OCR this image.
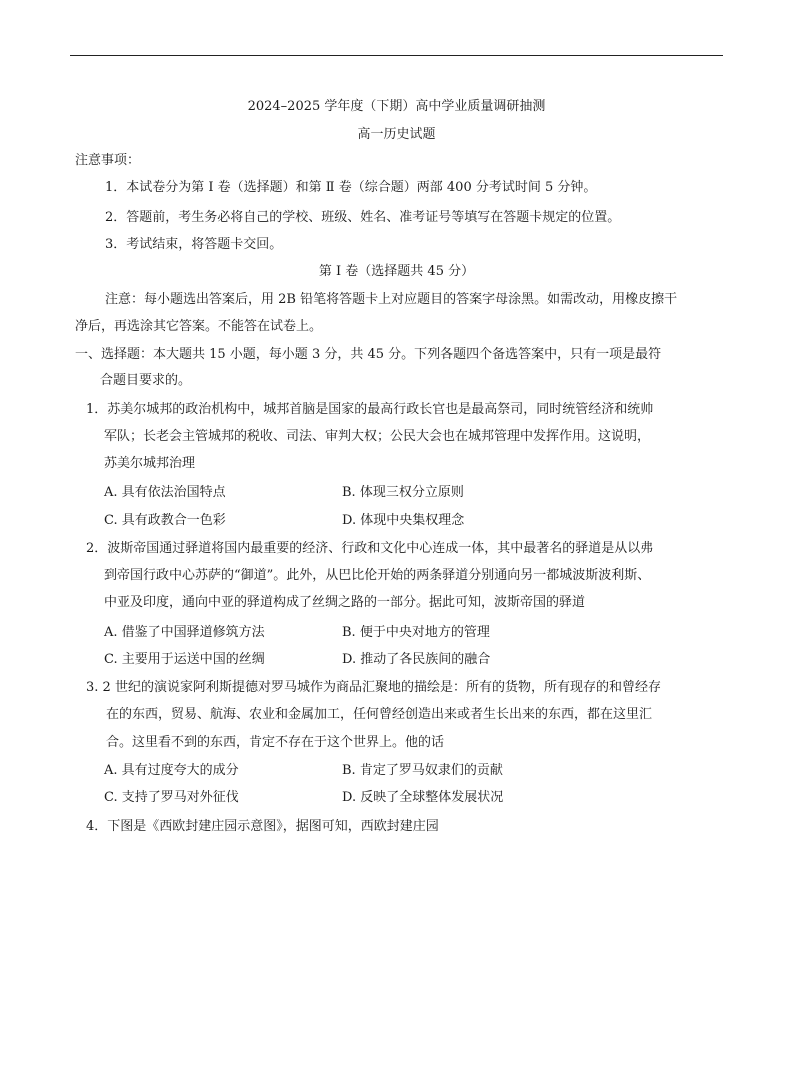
2024–2025 学年度（下期）高中学业质量调研抽测
高一历史试题
注意事项：
1．本试卷分为第 Ⅰ 卷（选择题）和第 Ⅱ 卷（综合题）两部 400 分考试时间 5 分钟。
2．答题前，考生务必将自己的学校、班级、姓名、准考证号等填写在答题卡规定的位置。
3．考试结束，将答题卡交回。
第 Ⅰ 卷（选择题共 45 分）
注意：每小题选出答案后，用 2B 铅笔将答题卡上对应题目的答案字母涂黑。如需改动，用橡皮擦干
净后，再选涂其它答案。不能答在试卷上。
一、选择题：本大题共 15 小题，每小题 3 分，共 45 分。下列各题四个备选答案中，只有一项是最符
合题目要求的。
1．苏美尔城邦的政治机构中，城邦首脑是国家的最高行政长官也是最高祭司，同时统管经济和统帅
军队；长老会主管城邦的税收、司法、审判大权；公民大会也在城邦管理中发挥作用。这说明，
苏美尔城邦治理
A. 具有依法治国特点	B. 体现三权分立原则
C. 具有政教合一色彩	D. 体现中央集权理念
2．波斯帝国通过驿道将国内最重要的经济、行政和文化中心连成一体，其中最著名的驿道是从以弗
到帝国行政中心苏萨的“御道”。此外，从巴比伦开始的两条驿道分别通向另一都城波斯波利斯、
中亚及印度，通向中亚的驿道构成了丝绸之路的一部分。据此可知，波斯帝国的驿道
A. 借鉴了中国驿道修筑方法	B. 便于中央对地方的管理
C. 主要用于运送中国的丝绸	D. 推动了各民族间的融合
3. 2 世纪的演说家阿利斯提德对罗马城作为商品汇聚地的描绘是：所有的货物，所有现存的和曾经存
在的东西，贸易、航海、农业和金属加工，任何曾经创造出来或者生长出来的东西，都在这里汇
合。这里看不到的东西，肯定不存在于这个世界上。他的话
A. 具有过度夸大的成分	B. 肯定了罗马奴隶们的贡献
C. 支持了罗马对外征伐	D. 反映了全球整体发展状况
4．下图是《西欧封建庄园示意图》，据图可知，西欧封建庄园
